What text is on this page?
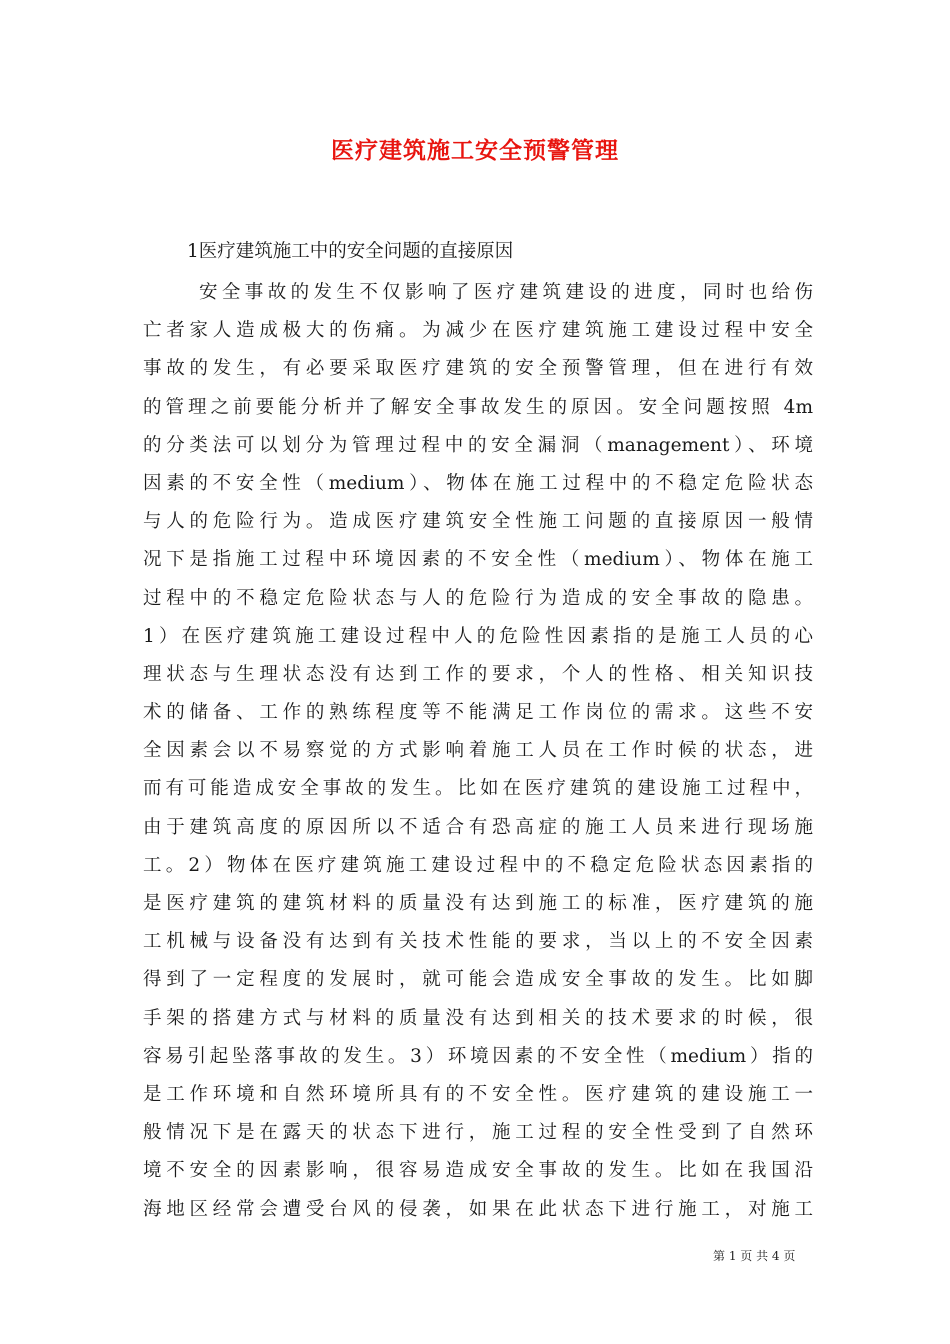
医疗建筑施工安全预警管理
1医疗建筑施工中的安全问题的直接原因
安全事故的发生不仅影响了医疗建筑建设的进度，同时也给伤
亡者家人造成极大的伤痛。为减少在医疗建筑施工建设过程中安全
事故的发生，有必要采取医疗建筑的安全预警管理，但在进行有效
的管理之前要能分析并了解安全事故发生的原因。安全问题按照 4m
的分类法可以划分为管理过程中的安全漏洞（management）、环境
因素的不安全性（medium）、物体在施工过程中的不稳定危险状态
与人的危险行为。造成医疗建筑安全性施工问题的直接原因一般情
况下是指施工过程中环境因素的不安全性（medium）、物体在施工
过程中的不稳定危险状态与人的危险行为造成的安全事故的隐患。
1）在医疗建筑施工建设过程中人的危险性因素指的是施工人员的心
理状态与生理状态没有达到工作的要求，个人的性格、相关知识技
术的储备、工作的熟练程度等不能满足工作岗位的需求。这些不安
全因素会以不易察觉的方式影响着施工人员在工作时候的状态，进
而有可能造成安全事故的发生。比如在医疗建筑的建设施工过程中，
由于建筑高度的原因所以不适合有恐高症的施工人员来进行现场施
工。2）物体在医疗建筑施工建设过程中的不稳定危险状态因素指的
是医疗建筑的建筑材料的质量没有达到施工的标准，医疗建筑的施
工机械与设备没有达到有关技术性能的要求，当以上的不安全因素
得到了一定程度的发展时，就可能会造成安全事故的发生。比如脚
手架的搭建方式与材料的质量没有达到相关的技术要求的时候，很
容易引起坠落事故的发生。3）环境因素的不安全性（medium）指的
是工作环境和自然环境所具有的不安全性。医疗建筑的建设施工一
般情况下是在露天的状态下进行，施工过程的安全性受到了自然环
境不安全的因素影响，很容易造成安全事故的发生。比如在我国沿
海地区经常会遭受台风的侵袭，如果在此状态下进行施工，对施工
第 1 页 共 4 页
